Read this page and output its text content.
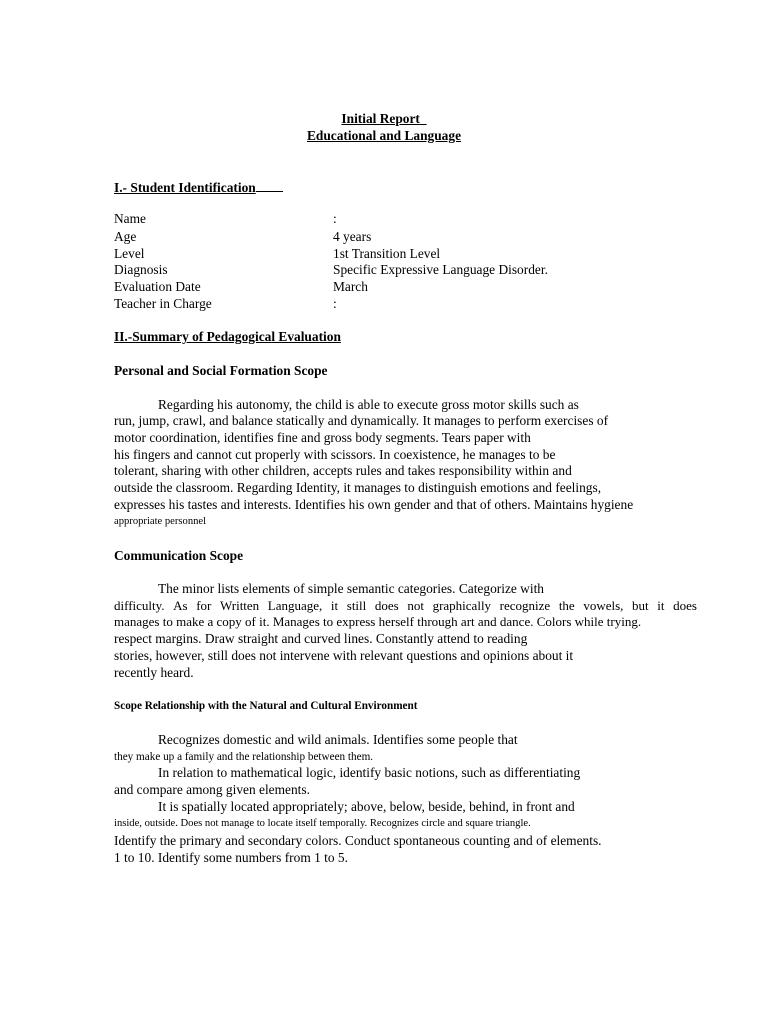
Initial Report
Educational and Language
I.- Student Identification
Name	:
Age	4 years
Level	1st Transition Level
Diagnosis	Specific Expressive Language Disorder.
Evaluation Date	March
Teacher in Charge	:
II.-Summary of Pedagogical Evaluation
Personal and Social Formation Scope
Regarding his autonomy, the child is able to execute gross motor skills such as
run, jump, crawl, and balance statically and dynamically. It manages to perform exercises of
motor coordination, identifies fine and gross body segments. Tears paper with
his fingers and cannot cut properly with scissors. In coexistence, he manages to be
tolerant, sharing with other children, accepts rules and takes responsibility within and
outside the classroom. Regarding Identity, it manages to distinguish emotions and feelings,
expresses his tastes and interests. Identifies his own gender and that of others. Maintains hygiene
appropriate personnel
Communication Scope
The minor lists elements of simple semantic categories. Categorize with
difficulty. As for Written Language, it still does not graphically recognize the vowels, but it does
manages to make a copy of it. Manages to express herself through art and dance. Colors while trying.
respect margins. Draw straight and curved lines. Constantly attend to reading
stories, however, still does not intervene with relevant questions and opinions about it
recently heard.
Scope Relationship with the Natural and Cultural Environment
Recognizes domestic and wild animals. Identifies some people that
they make up a family and the relationship between them.
In relation to mathematical logic, identify basic notions, such as differentiating
and compare among given elements.
It is spatially located appropriately; above, below, beside, behind, in front and
inside, outside. Does not manage to locate itself temporally. Recognizes circle and square triangle.
Identify the primary and secondary colors. Conduct spontaneous counting and of elements.
1 to 10. Identify some numbers from 1 to 5.
